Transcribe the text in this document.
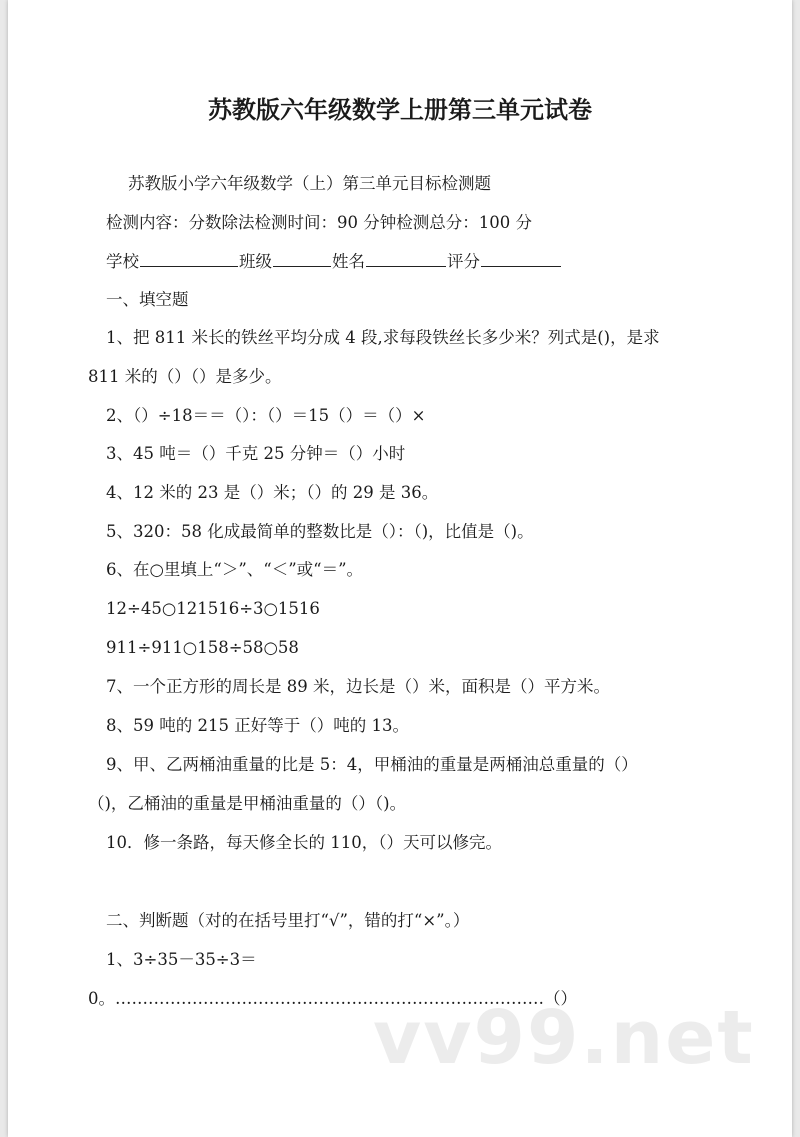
苏教版六年级数学上册第三单元试卷
苏教版小学六年级数学（上）第三单元目标检测题
检测内容：分数除法检测时间：90 分钟检测总分：100 分
学校	班级	姓名	评分
一、填空题
1、把 811 米长的铁丝平均分成 4 段,求每段铁丝长多少米？列式是()，是求
811 米的（）（）是多少。
2、（）÷18＝＝（）：（）＝15（）＝（）×
3、45 吨＝（）千克 25 分钟＝（）小时
4、12 米的 23 是（）米；（）的 29 是 36。
5、320：58 化成最简单的整数比是（）：（)，比值是（)。
6、在○里填上“＞”、“＜”或“＝”。
12÷45○121516÷3○1516
911÷911○158÷58○58
7、一个正方形的周长是 89 米，边长是（）米，面积是（）平方米。
8、59 吨的 215 正好等于（）吨的 13。
9、甲、乙两桶油重量的比是 5：4，甲桶油的重量是两桶油总重量的（）
（)，乙桶油的重量是甲桶油重量的（）（)。
10．修一条路，每天修全长的 110，（）天可以修完。
二、判断题（对的在括号里打“√”，错的打“×”。）
1、3÷35－35÷3＝
0。……………………………………………………………………（）
vv99.net
